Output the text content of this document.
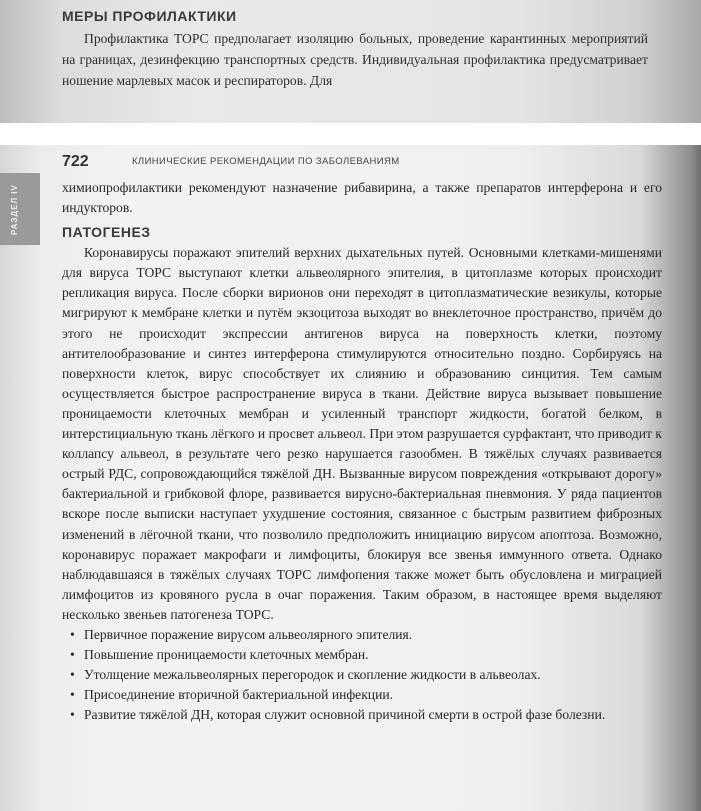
МЕРЫ ПРОФИЛАКТИКИ
Профилактика ТОРС предполагает изоляцию больных, проведение карантинных мероприятий на границах, дезинфекцию транспортных средств. Индивидуальная профилактика предусматривает ношение марлевых масок и респираторов. Для
РАЗДЕЛ IV
722	КЛИНИЧЕСКИЕ РЕКОМЕНДАЦИИ ПО ЗАБОЛЕВАНИЯМ

химиопрофилактики рекомендуют назначение рибавирина, а также препаратов интерферона и его индукторов.

ПАТОГЕНЕЗ

Коронавирусы поражают эпителий верхних дыхательных путей. Основными клетками-мишенями для вируса ТОРС выступают клетки альвеолярного эпителия, в цитоплазме которых происходит репликация вируса. После сборки вирионов они переходят в цитоплазматические везикулы, которые мигрируют к мембране клетки и путём экзоцитоза выходят во внеклеточное пространство, причём до этого не происходит экспрессии антигенов вируса на поверхность клетки, поэтому антителообразование и синтез интерферона стимулируются относительно поздно. Сорбируясь на поверхности клеток, вирус способствует их слиянию и образованию синцития. Тем самым осуществляется быстрое распространение вируса в ткани. Действие вируса вызывает повышение проницаемости клеточных мембран и усиленный транспорт жидкости, богатой белком, в интерстициальную ткань лёгкого и просвет альвеол. При этом разрушается сурфактант, что приводит к коллапсу альвеол, в результате чего резко нарушается газообмен. В тяжёлых случаях развивается острый РДС, сопровождающийся тяжёлой ДН. Вызванные вирусом повреждения «открывают дорогу» бактериальной и грибковой флоре, развивается вирусно-бактериальная пневмония. У ряда пациентов вскоре после выписки наступает ухудшение состояния, связанное с быстрым развитием фиброзных изменений в лёгочной ткани, что позволило предположить инициацию вирусом апоптоза. Возможно, коронавирус поражает макрофаги и лимфоциты, блокируя все звенья иммунного ответа. Однако наблюдавшаяся в тяжёлых случаях ТОРС лимфопения также может быть обусловлена и миграцией лимфоцитов из кровяного русла в очаг поражения. Таким образом, в настоящее время выделяют несколько звеньев патогенеза ТОРС.

• Первичное поражение вирусом альвеолярного эпителия.
• Повышение проницаемости клеточных мембран.
• Утолщение межальвеолярных перегородок и скопление жидкости в альвеолах.
• Присоединение вторичной бактериальной инфекции.
• Развитие тяжёлой ДН, которая служит основной причиной смерти в острой фазе болезни.
